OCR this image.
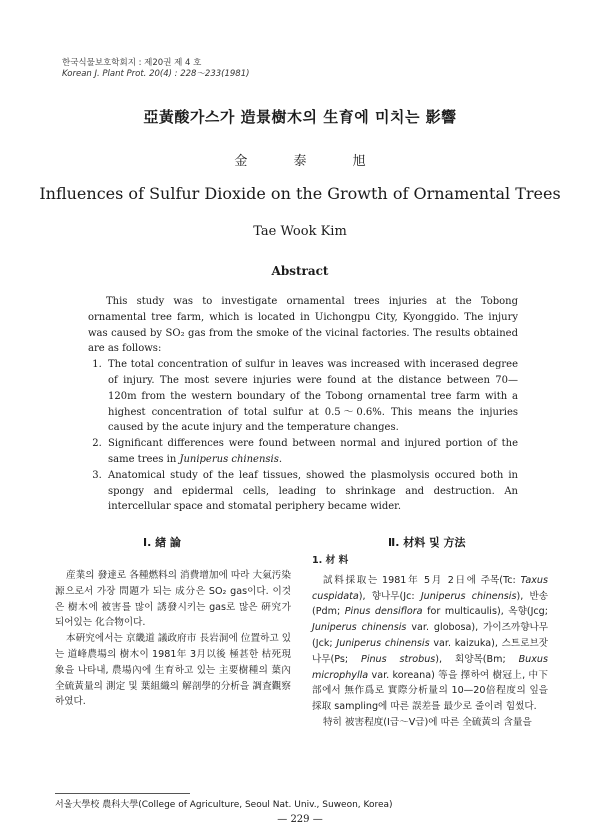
한국식물보호학회지 : 제20권 제 4 호
Korean J. Plant Prot. 20(4) : 228～233(1981)
亞黃酸가스가 造景樹木의 生育에 미치는 影響
金 泰 旭
Influences of Sulfur Dioxide on the Growth of Ornamental Trees
Tae Wook Kim
Abstract

This study was to investigate ornamental trees injuries at the Tobong ornamental tree farm, which is located in Uichongpu City, Kyonggido. The injury was caused by SO₂ gas from the smoke of the vicinal factories. The results obtained are as follows:

1. The total concentration of sulfur in leaves was increased with incerased degree of injury. The most severe injuries were found at the distance between 70—120m from the western boundary of the Tobong ornamental tree farm with a highest concentration of total sulfur at 0.5～0.6%. This means the injuries caused by the acute injury and the temperature changes.
2. Significant differences were found between normal and injured portion of the same trees in Juniperus chinensis.
3. Anatomical study of the leaf tissues, showed the plasmolysis occured both in spongy and epidermal cells, leading to shrinkage and destruction. An intercellular space and stomatal periphery became wider.
Ⅰ. 緖 論	Ⅱ. 材料 및 方法

産業의 發達로 各種燃料의 消費增加에 따라 大氣汚染源으로서 가장 問題가 되는 成分은 SO₂ gas이다. 이것은 樹木에 被害를 많이 誘發시키는 gas로 많은 硏究가 되어있는 化合物이다.

本硏究에서는 京畿道 議政府市 長岩洞에 位置하고 있는 道峰農場의 樹木이 1981年 3月以後 極甚한 枯死現象을 나타내, 農場內에 生育하고 있는 主要樹種의 葉內全硫黃量의 測定 및 葉組織의 解剖學的分析을 調査觀察하였다.

1. 材 料

試料採取는 1981年 5月 2日에 주목(Tc: Taxus cuspidata), 향나무(Jc: Juniperus chinensis), 반송(Pdm; Pinus densiflora for multicaulis), 옥향(Jcg; Juniperus chinensis var. globosa), 가이즈까향나무(Jck; Juniperus chinensis var. kaizuka), 스트로브잣나무(Ps; Pinus strobus), 회양목(Bm; Buxus microphylla var. koreana) 等을 擇하여 樹冠上, 中下部에서 無作爲로 實際分析量의 10—20倍程度의 잎을 採取 sampling에 따른 誤差를 最少로 줄이려 힘썼다.

特히 被害程度(Ⅰ급～Ⅴ급)에 따른 全硫黃의 含量을

서울大學校 農科大學(College of Agriculture, Seoul Nat. Univ., Suweon, Korea)
— 229 —
